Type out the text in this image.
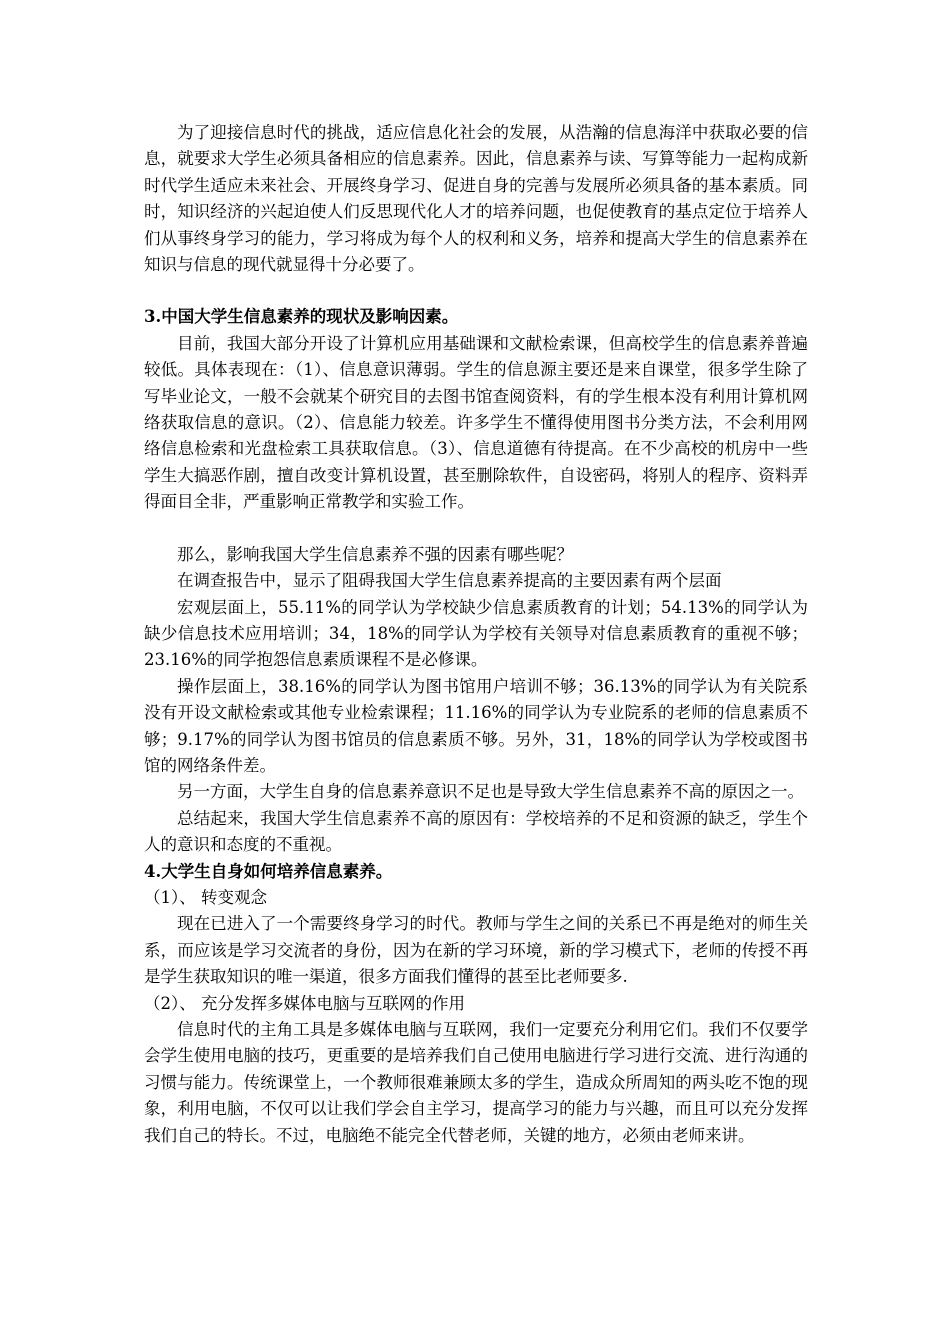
为了迎接信息时代的挑战，适应信息化社会的发展，从浩瀚的信息海洋中获取必要的信息，就要求大学生必须具备相应的信息素养。因此，信息素养与读、写算等能力一起构成新时代学生适应未来社会、开展终身学习、促进自身的完善与发展所必须具备的基本素质。同时，知识经济的兴起迫使人们反思现代化人才的培养问题，也促使教育的基点定位于培养人们从事终身学习的能力，学习将成为每个人的权利和义务，培养和提高大学生的信息素养在知识与信息的现代就显得十分必要了。

3.中国大学生信息素养的现状及影响因素。

目前，我国大部分开设了计算机应用基础课和文献检索课，但高校学生的信息素养普遍较低。具体表现在：（1）、信息意识薄弱。学生的信息源主要还是来自课堂，很多学生除了写毕业论文，一般不会就某个研究目的去图书馆查阅资料，有的学生根本没有利用计算机网络获取信息的意识。（2）、信息能力较差。许多学生不懂得使用图书分类方法，不会利用网络信息检索和光盘检索工具获取信息。（3）、信息道德有待提高。在不少高校的机房中一些学生大搞恶作剧，擅自改变计算机设置，甚至删除软件，自设密码，将别人的程序、资料弄得面目全非，严重影响正常教学和实验工作。

那么，影响我国大学生信息素养不强的因素有哪些呢？

在调查报告中，显示了阻碍我国大学生信息素养提高的主要因素有两个层面

宏观层面上，55.11%的同学认为学校缺少信息素质教育的计划；54.13%的同学认为缺少信息技术应用培训；34，18%的同学认为学校有关领导对信息素质教育的重视不够；23.16%的同学抱怨信息素质课程不是必修课。

操作层面上，38.16%的同学认为图书馆用户培训不够；36.13%的同学认为有关院系没有开设文献检索或其他专业检索课程；11.16%的同学认为专业院系的老师的信息素质不够；9.17%的同学认为图书馆员的信息素质不够。另外，31，18%的同学认为学校或图书馆的网络条件差。

另一方面，大学生自身的信息素养意识不足也是导致大学生信息素养不高的原因之一。

总结起来，我国大学生信息素养不高的原因有：学校培养的不足和资源的缺乏，学生个人的意识和态度的不重视。

4.大学生自身如何培养信息素养。

（1）、 转变观念

现在已进入了一个需要终身学习的时代。教师与学生之间的关系已不再是绝对的师生关系，而应该是学习交流者的身份，因为在新的学习环境，新的学习模式下，老师的传授不再是学生获取知识的唯一渠道，很多方面我们懂得的甚至比老师要多.

（2）、 充分发挥多媒体电脑与互联网的作用

信息时代的主角工具是多媒体电脑与互联网，我们一定要充分利用它们。我们不仅要学会学生使用电脑的技巧，更重要的是培养我们自己使用电脑进行学习进行交流、进行沟通的习惯与能力。传统课堂上，一个教师很难兼顾太多的学生，造成众所周知的两头吃不饱的现象，利用电脑，不仅可以让我们学会自主学习，提高学习的能力与兴趣，而且可以充分发挥我们自己的特长。不过，电脑绝不能完全代替老师，关键的地方，必须由老师来讲。
